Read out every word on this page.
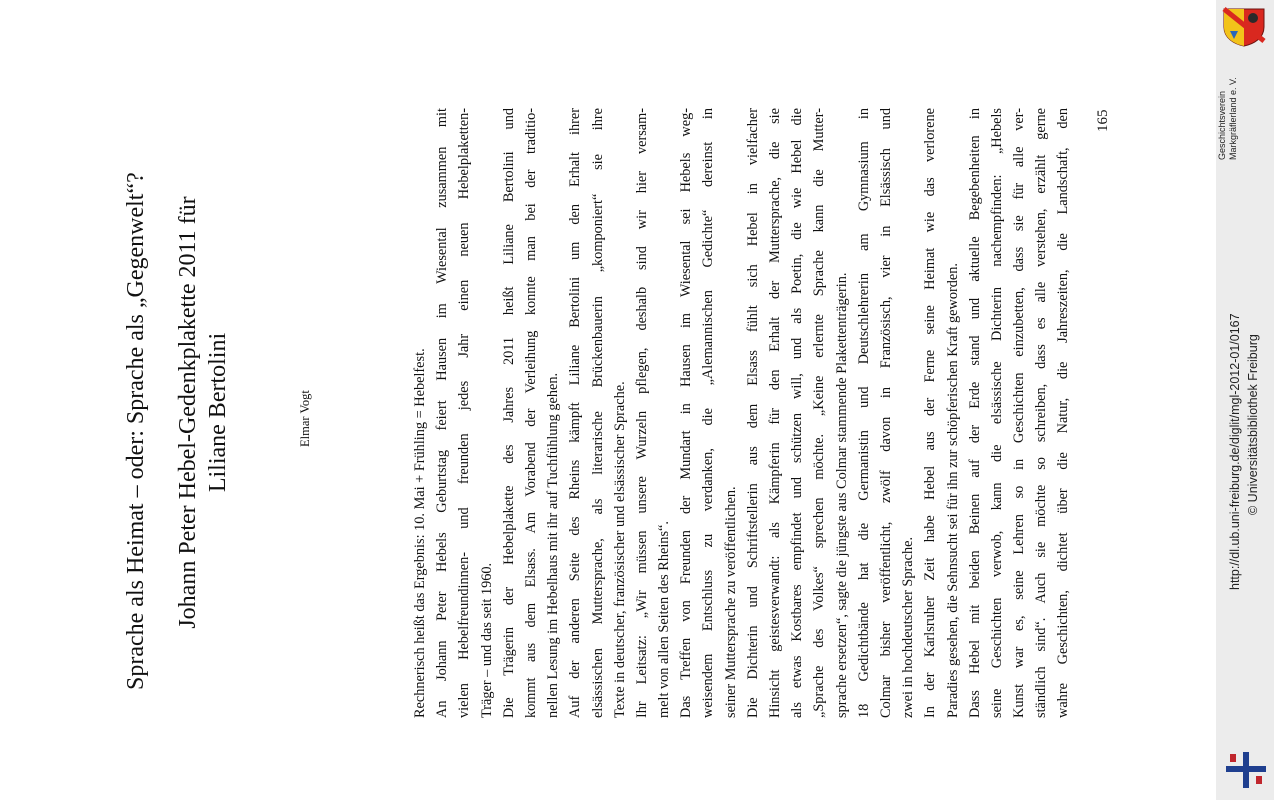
Sprache als Heimat – oder: Sprache als „Gegenwelt“? Johann Peter Hebel-Gedenkplakette 2011 für Liliane Bertolini	Elmar Vogt	Rechnerisch heißt das Ergebnis: 10. Mai + Frühling = Hebelfest. An Johann Peter Hebels Geburtstag feiert Hausen im Wiesental zusammen mit vielen Hebelfreundinnen- und freunden jedes Jahr einen neuen Hebelplaketten- Träger – und das seit 1960. Die Trägerin der Hebelplakette des Jahres 2011 heißt Liliane Bertolini und kommt aus dem Elsass. Am Vorabend der Verleihung konnte man bei der traditio- nellen Lesung im Hebelhaus mit ihr auf Tuchfühlung gehen. Auf der anderen Seite des Rheins kämpft Liliane Bertolini um den Erhalt ihrer elsässischen Muttersprache, als literarische Brückenbauerin „komponiert“ sie ihre Texte in deutscher, französischer und elsässischer Sprache. Ihr Leitsatz: „Wir müssen unsere Wurzeln pflegen, deshalb sind wir hier versam- melt von allen Seiten des Rheins“. Das Treffen von Freunden der Mundart in Hausen im Wiesental sei Hebels weg- weisendem Entschluss zu verdanken, die „Alemannischen Gedichte“ dereinst in seiner Muttersprache zu veröffentlichen. Die Dichterin und Schriftstellerin aus dem Elsass fühlt sich Hebel in vielfacher Hinsicht geistesverwandt: als Kämpferin für den Erhalt der Muttersprache, die sie als etwas Kostbares empfindet und schützen will, und als Poetin, die wie Hebel die „Sprache des Volkes“ sprechen möchte. „Keine erlernte Sprache kann die Mutter- sprache ersetzen“, sagte die jüngste aus Colmar stammende Plakettenträgerin. 18 Gedichtbände hat die Germanistin und Deutschlehrerin am Gymnasium in Colmar bisher veröffentlicht, zwölf davon in Französisch, vier in Elsässisch und zwei in hochdeutscher Sprache. In der Karlsruher Zeit habe Hebel aus der Ferne seine Heimat wie das verlorene Paradies gesehen, die Sehnsucht sei für ihn zur schöpferischen Kraft geworden. Dass Hebel mit beiden Beinen auf der Erde stand und aktuelle Begebenheiten in seine Geschichten verwob, kann die elsässische Dichterin nachempfinden: „Hebels Kunst war es, seine Lehren so in Geschichten einzubetten, dass sie für alle ver- ständlich sind“. Auch sie möchte so schreiben, dass es alle verstehen, erzählt gerne wahre Geschichten, dichtet über die Natur, die Jahreszeiten, die Landschaft, den 165	Geschichtsverein Markgräflerland e. V.
http://dl.ub.uni-freiburg.de/diglit/mgl-2012-01/0167 © Universitätsbibliothek Freiburg
